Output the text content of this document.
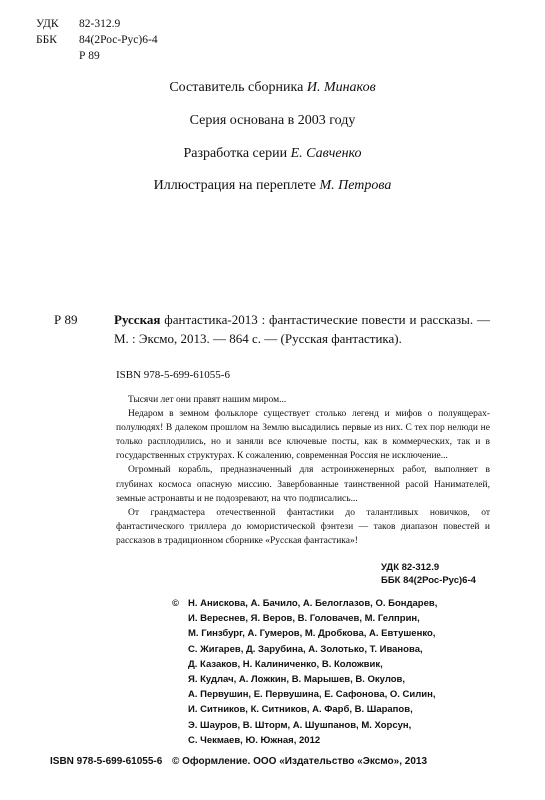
УДК	82-312.9
ББК	84(2Рос-Рус)6-4
Р 89
Составитель сборника И. Минаков
Серия основана в 2003 году
Разработка серии Е. Савченко
Иллюстрация на переплете М. Петрова
Р 89	Русская фантастика-2013 : фантастические повести и рассказы. — М. : Эксмо, 2013. — 864 с. — (Русская фантастика).
ISBN 978-5-699-61055-6

Тысячи лет они правят нашим миром...

Недаром в земном фольклоре существует столько легенд и мифов о полуящерах-полулюдях! В далеком прошлом на Землю высадились первые из них. С тех пор нелюди не только расплодились, но и заняли все ключевые посты, как в коммерческих, так и в государственных структурах. К сожалению, современная Россия не исключение...

Огромный корабль, предназначенный для астроинженерных работ, выполняет в глубинах космоса опасную миссию. Завербованные таинственной расой Нанимателей, земные астронавты и не подозревают, на что подписались...

От грандмастера отечественной фантастики до талантливых новичков, от фантастического триллера до юмористической фэнтези — таков диапазон повестей и рассказов в традиционном сборнике «Русская фантастика»!

УДК 82-312.9
ББК 84(2Рос-Рус)6-4
© Н. Анискова, А. Бачило, А. Белоглазов, О. Бондарев,
И. Вереснев, Я. Веров, В. Головачев, М. Гелприн,
М. Гинзбург, А. Гумеров, М. Дробкова, А. Евтушенко,
С. Жигарев, Д. Зарубина, А. Золотько, Т. Иванова,
Д. Казаков, Н. Калиниченко, В. Коложвик,
Я. Кудлач, А. Ложкин, В. Марышев, В. Окулов,
А. Первушин, Е. Первушина, Е. Сафонова, О. Силин,
И. Ситников, К. Ситников, А. Фарб, В. Шарапов,
Э. Шауров, В. Шторм, А. Шушпанов, М. Хорсун,
С. Чекмаев, Ю. Южная, 2012
ISBN 978-5-699-61055-6 © Оформление. ООО «Издательство «Эксмо», 2013
